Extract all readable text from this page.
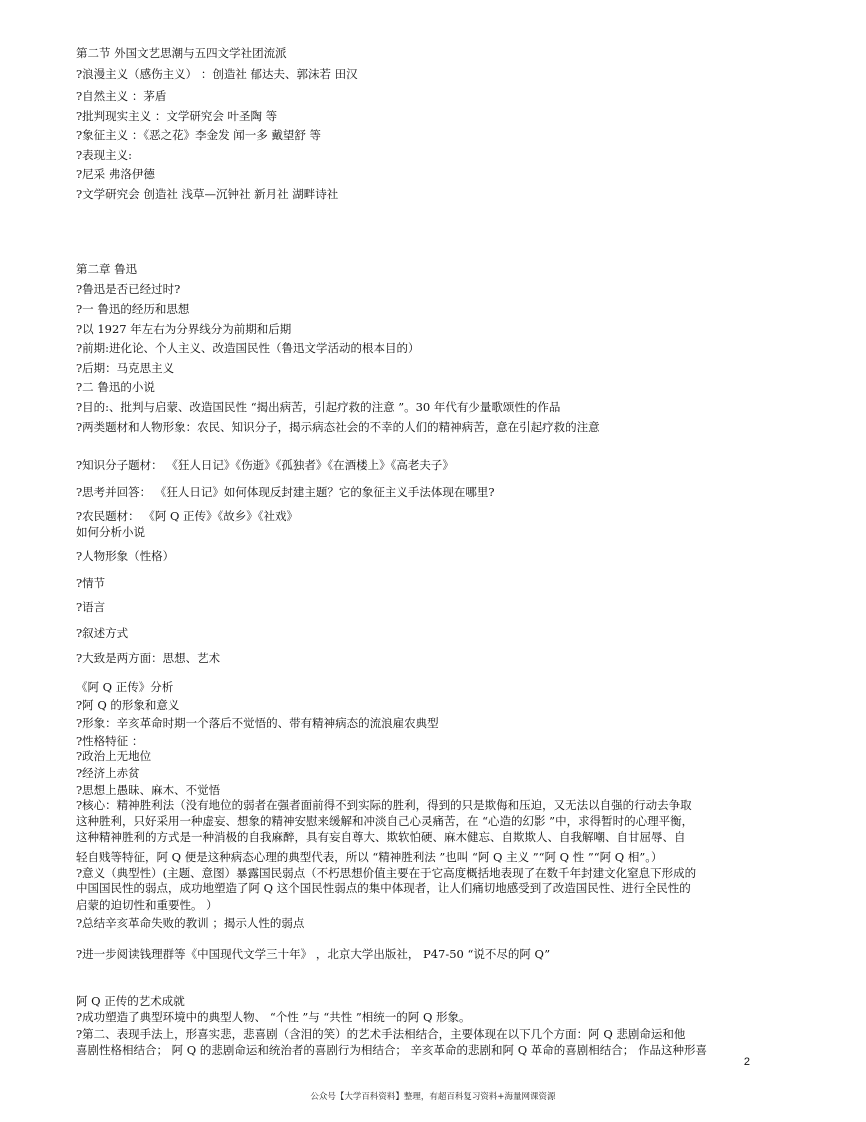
第二节 外国文艺思潮与五四文学社团流派
?浪漫主义（感伤主义） ：创造社 郁达夫、郭沫若 田汉
?自然主义 ：茅盾
?批判现实主义 ：文学研究会 叶圣陶 等
?象征主义 ：《恶之花》李金发 闻一多 戴望舒 等
?表现主义:
?尼采 弗洛伊德
?文学研究会 创造社 浅草—沉钟社 新月社 湖畔诗社
第二章 鲁迅
?鲁迅是否已经过时?
?一 鲁迅的经历和思想
?以 1927 年左右为分界线分为前期和后期
?前期:进化论、个人主义、改造国民性（鲁迅文学活动的根本目的）
?后期：马克思主义
?二 鲁迅的小说
?目的:、批判与启蒙、改造国民性 “揭出病苦，引起疗救的注意 ”。30 年代有少量歌颂性的作品
?两类题材和人物形象：农民、知识分子，揭示病态社会的不幸的人们的精神病苦，意在引起疗救的注意
?知识分子题材： 《狂人日记》《伤逝》《孤独者》《在酒楼上》《高老夫子》
?思考并回答： 《狂人日记》如何体现反封建主题？它的象征主义手法体现在哪里?
?农民题材： 《阿 Q 正传》《故乡》《社戏》
如何分析小说
?人物形象（性格）
?情节
?语言
?叙述方式
?大致是两方面：思想、艺术
《阿 Q 正传》分析
?阿 Q 的形象和意义
?形象：辛亥革命时期一个落后不觉悟的、带有精神病态的流浪雇农典型
?性格特征 ：
?政治上无地位
?经济上赤贫
?思想上愚昧、麻木、不觉悟
?核心：精神胜利法（没有地位的弱者在强者面前得不到实际的胜利，得到的只是欺侮和压迫，又无法以自强的行动去争取
这种胜利，只好采用一种虚妄、想象的精神安慰来缓解和冲淡自己心灵痛苦，在 “心造的幻影 ”中，求得暂时的心理平衡，
这种精神胜利的方式是一种消极的自我麻醉，具有妄自尊大、欺软怕硬、麻木健忘、自欺欺人、自我解嘲、自甘屈辱、自
轻自贱等特征，阿 Q 便是这种病态心理的典型代表，所以 “精神胜利法 ”也叫 “阿 Q 主义 ”“阿 Q 性 ”“阿 Q 相”。）
?意义（典型性）(主题、意图）暴露国民弱点（不朽思想价值主要在于它高度概括地表现了在数千年封建文化窒息下形成的
中国国民性的弱点，成功地塑造了阿 Q 这个国民性弱点的集中体现者，让人们痛切地感受到了改造国民性、进行全民性的
启蒙的迫切性和重要性。 ）
?总结辛亥革命失败的教训 ；揭示人性的弱点
?进一步阅读钱理群等《中国现代文学三十年》 ，北京大学出版社， P47-50 “说不尽的阿 Q”
阿 Q 正传的艺术成就
?成功塑造了典型环境中的典型人物、 “个性 ”与 “共性 ”相统一的阿 Q 形象。
?第二、表现手法上，形喜实悲，悲喜剧（含泪的笑）的艺术手法相结合，主要体现在以下几个方面：阿 Q 悲剧命运和他
喜剧性格相结合； 阿 Q 的悲剧命运和统治者的喜剧行为相结合； 辛亥革命的悲剧和阿 Q 革命的喜剧相结合； 作品这种形喜
2
公众号【大学百科资料】整理，有超百科复习资料+海量网课资源
